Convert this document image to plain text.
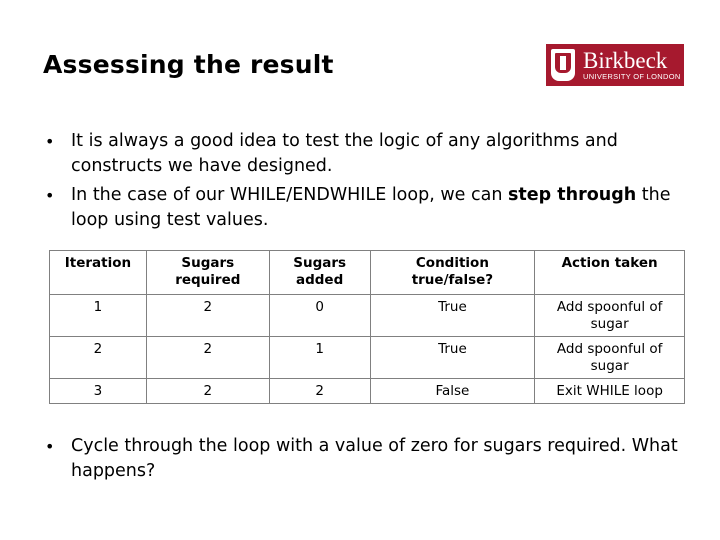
Assessing the result	Birkbeck
UNIVERSITY OF LONDON
• It is always a good idea to test the logic of any algorithms and constructs we have designed.
• In the case of our WHILE/ENDWHILE loop, we can step through the loop using test values.
Iteration	Sugars required	Sugars added	Condition true/false?	Action taken
1	2	0	True	Add spoonful of sugar
2	2	1	True	Add spoonful of sugar
3	2	2	False	Exit WHILE loop
• Cycle through the loop with a value of zero for sugars required. What happens?
